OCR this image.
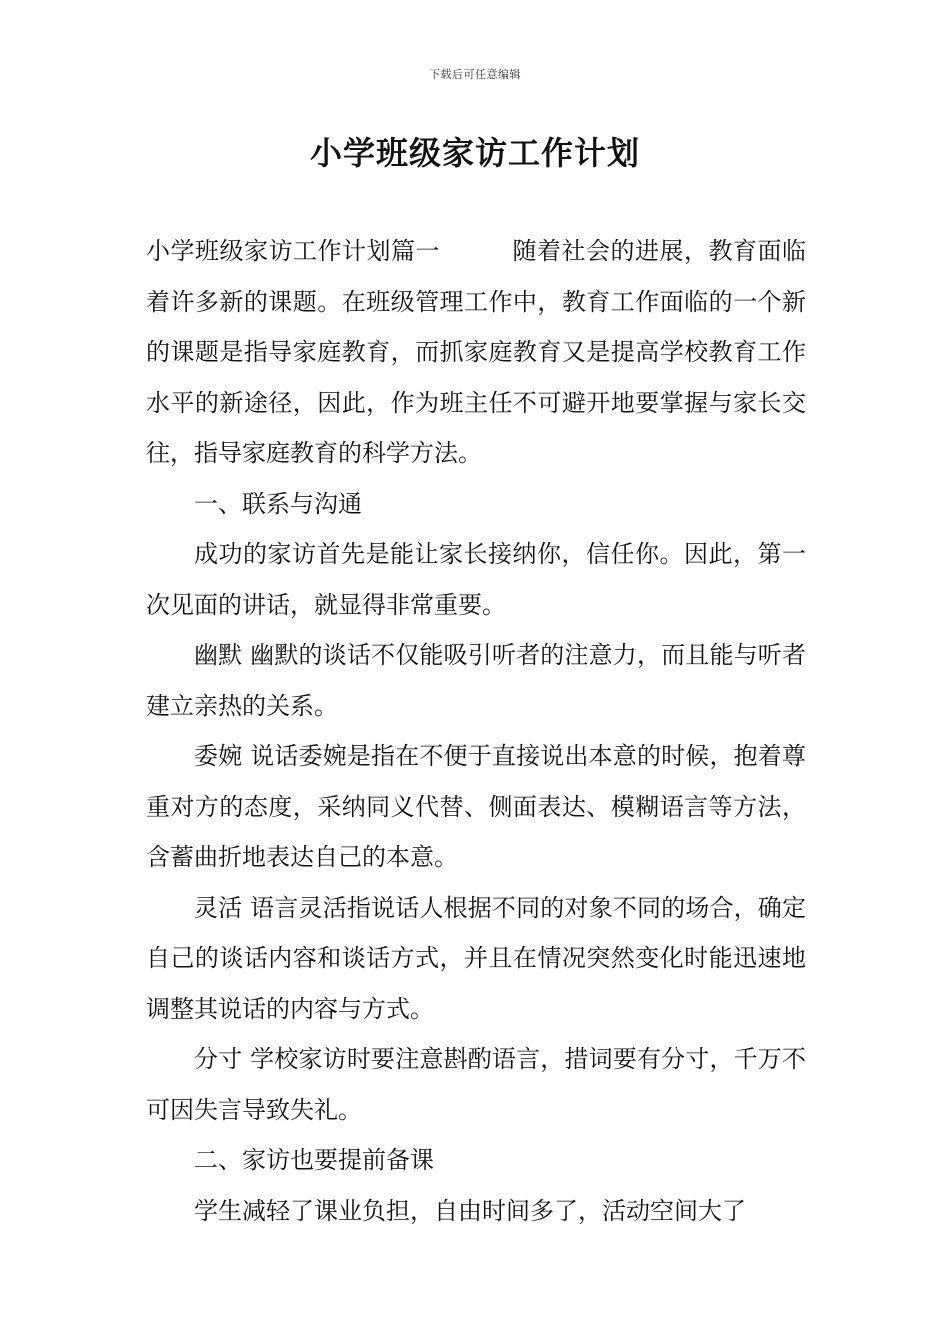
下载后可任意编辑
小学班级家访工作计划

小学班级家访工作计划篇一	随着社会的进展，教育面临着许多新的课题。在班级管理工作中，教育工作面临的一个新的课题是指导家庭教育，而抓家庭教育又是提高学校教育工作水平的新途径，因此，作为班主任不可避开地要掌握与家长交往，指导家庭教育的科学方法。

一、联系与沟通

成功的家访首先是能让家长接纳你，信任你。因此，第一次见面的讲话，就显得非常重要。

幽默 幽默的谈话不仅能吸引听者的注意力，而且能与听者建立亲热的关系。

委婉 说话委婉是指在不便于直接说出本意的时候，抱着尊重对方的态度，采纳同义代替、侧面表达、模糊语言等方法，含蓄曲折地表达自己的本意。

灵活 语言灵活指说话人根据不同的对象不同的场合，确定自己的谈话内容和谈话方式，并且在情况突然变化时能迅速地调整其说话的内容与方式。

分寸 学校家访时要注意斟酌语言，措词要有分寸，千万不可因失言导致失礼。

二、家访也要提前备课

学生减轻了课业负担，自由时间多了，活动空间大了
